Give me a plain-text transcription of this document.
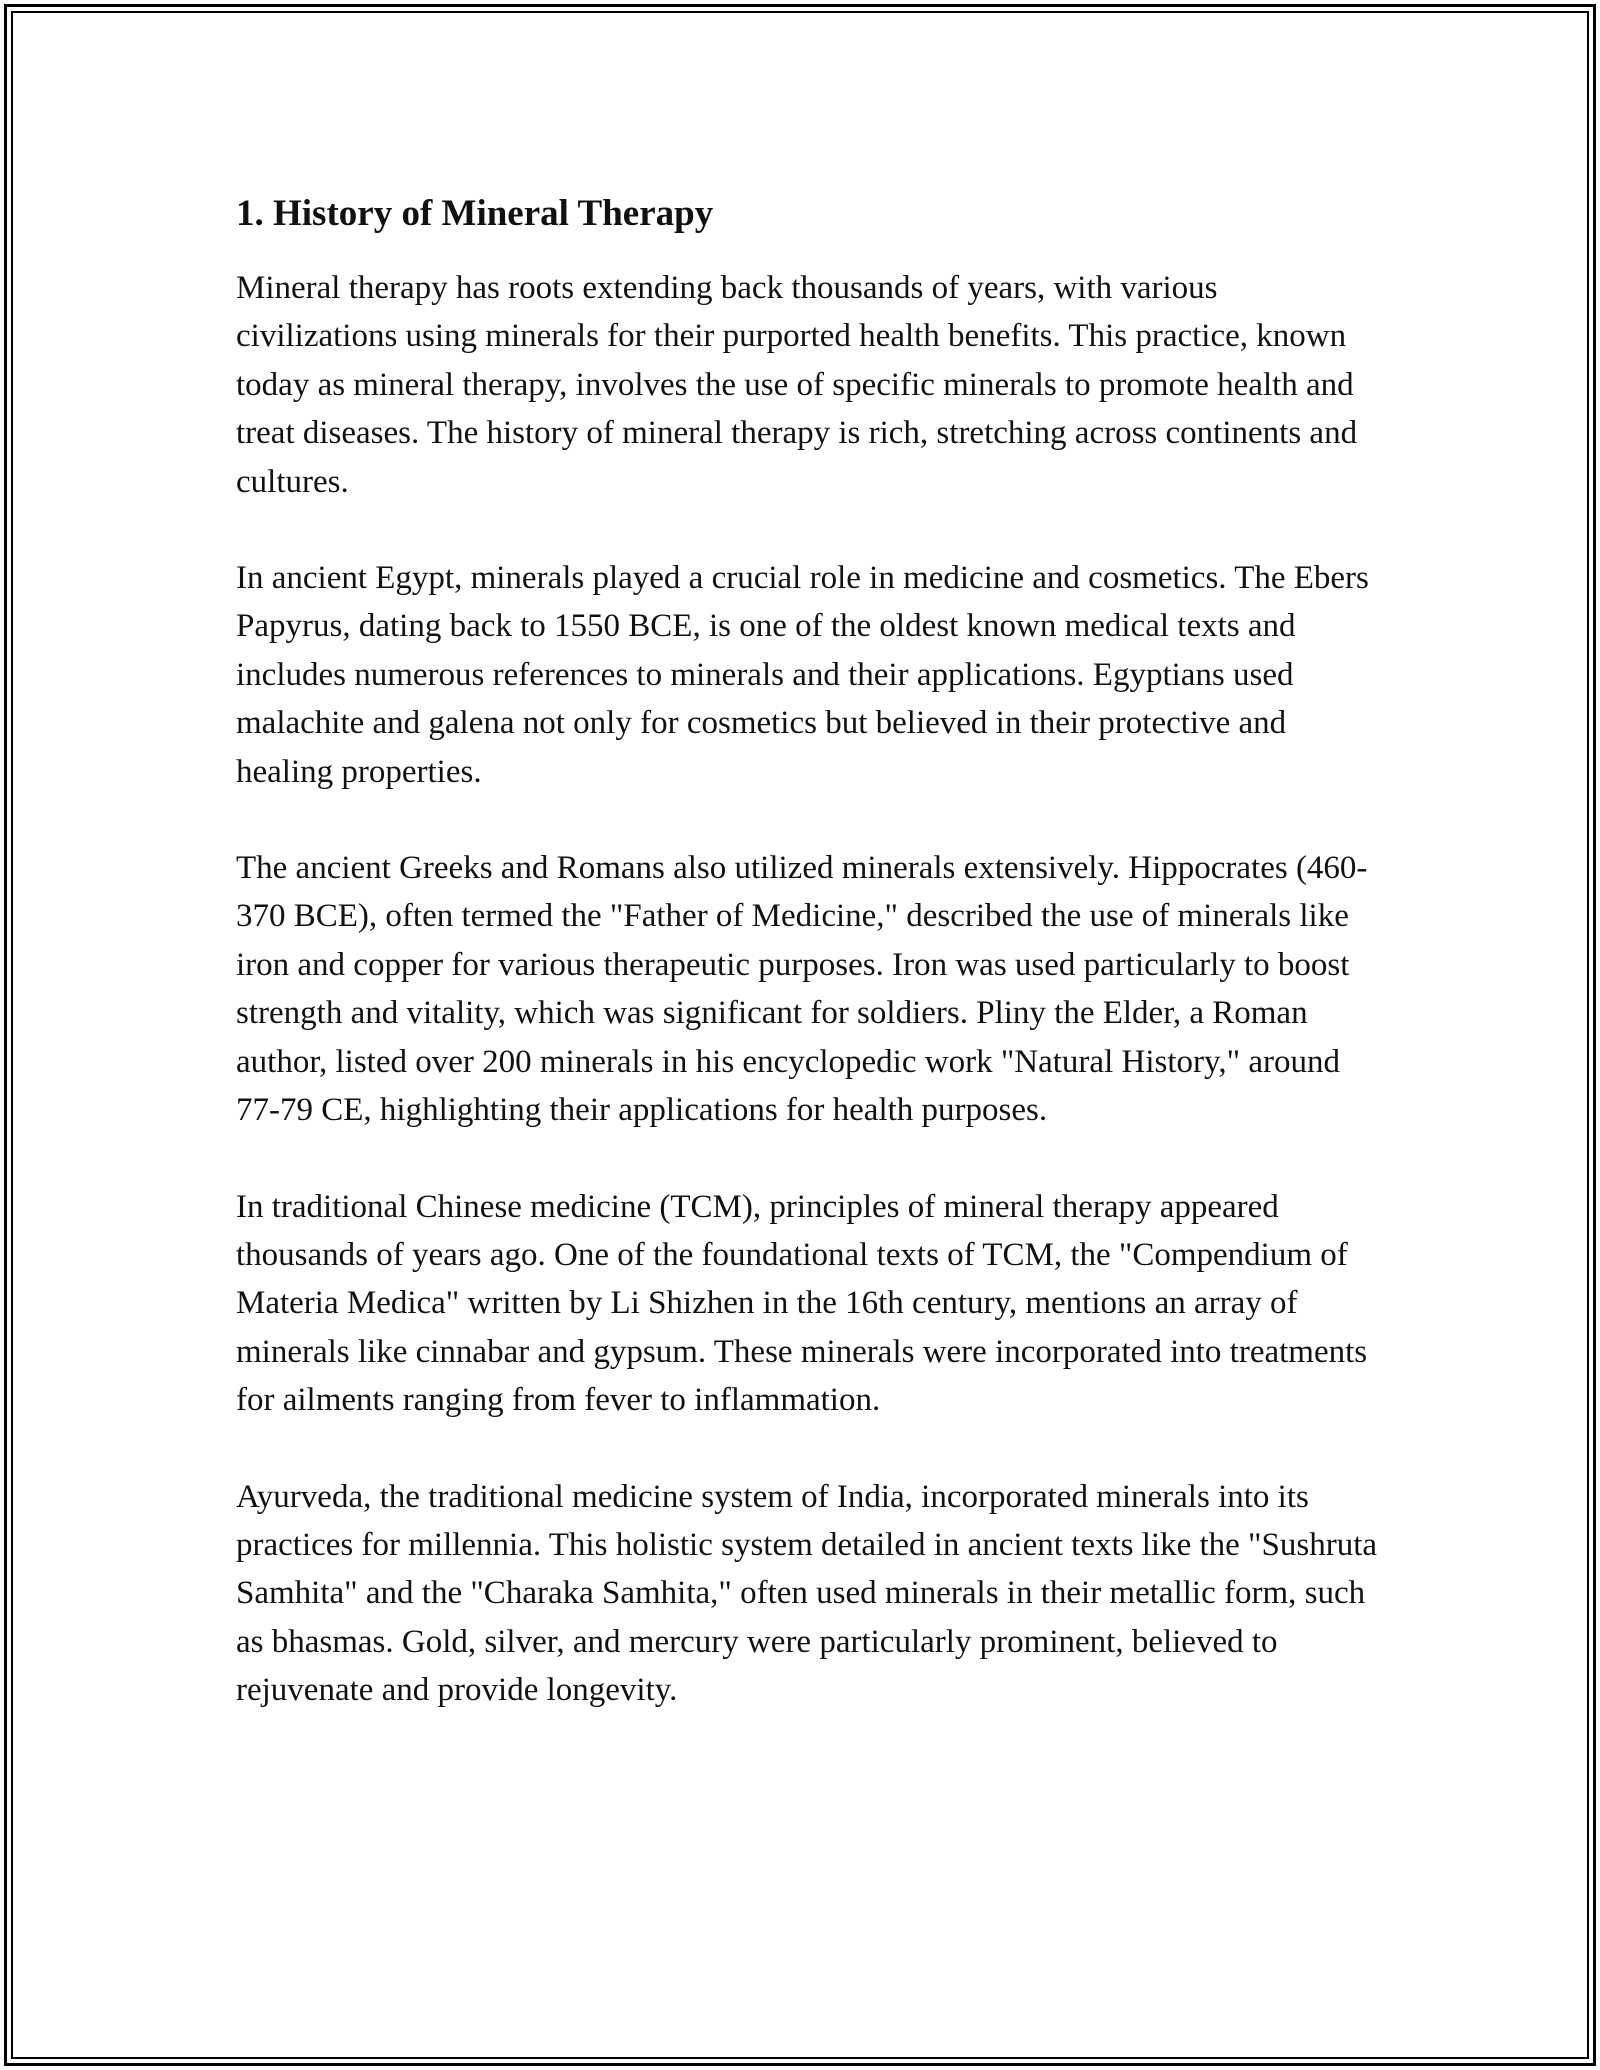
1. History of Mineral Therapy

Mineral therapy has roots extending back thousands of years, with various civilizations using minerals for their purported health benefits. This practice, known today as mineral therapy, involves the use of specific minerals to promote health and treat diseases. The history of mineral therapy is rich, stretching across continents and cultures.

In ancient Egypt, minerals played a crucial role in medicine and cosmetics. The Ebers Papyrus, dating back to 1550 BCE, is one of the oldest known medical texts and includes numerous references to minerals and their applications. Egyptians used malachite and galena not only for cosmetics but believed in their protective and healing properties.

The ancient Greeks and Romans also utilized minerals extensively. Hippocrates (460-370 BCE), often termed the "Father of Medicine," described the use of minerals like iron and copper for various therapeutic purposes. Iron was used particularly to boost strength and vitality, which was significant for soldiers. Pliny the Elder, a Roman author, listed over 200 minerals in his encyclopedic work "Natural History," around 77-79 CE, highlighting their applications for health purposes.

In traditional Chinese medicine (TCM), principles of mineral therapy appeared thousands of years ago. One of the foundational texts of TCM, the "Compendium of Materia Medica" written by Li Shizhen in the 16th century, mentions an array of minerals like cinnabar and gypsum. These minerals were incorporated into treatments for ailments ranging from fever to inflammation.

Ayurveda, the traditional medicine system of India, incorporated minerals into its practices for millennia. This holistic system detailed in ancient texts like the "Sushruta Samhita" and the "Charaka Samhita," often used minerals in their metallic form, such as bhasmas. Gold, silver, and mercury were particularly prominent, believed to rejuvenate and provide longevity.
